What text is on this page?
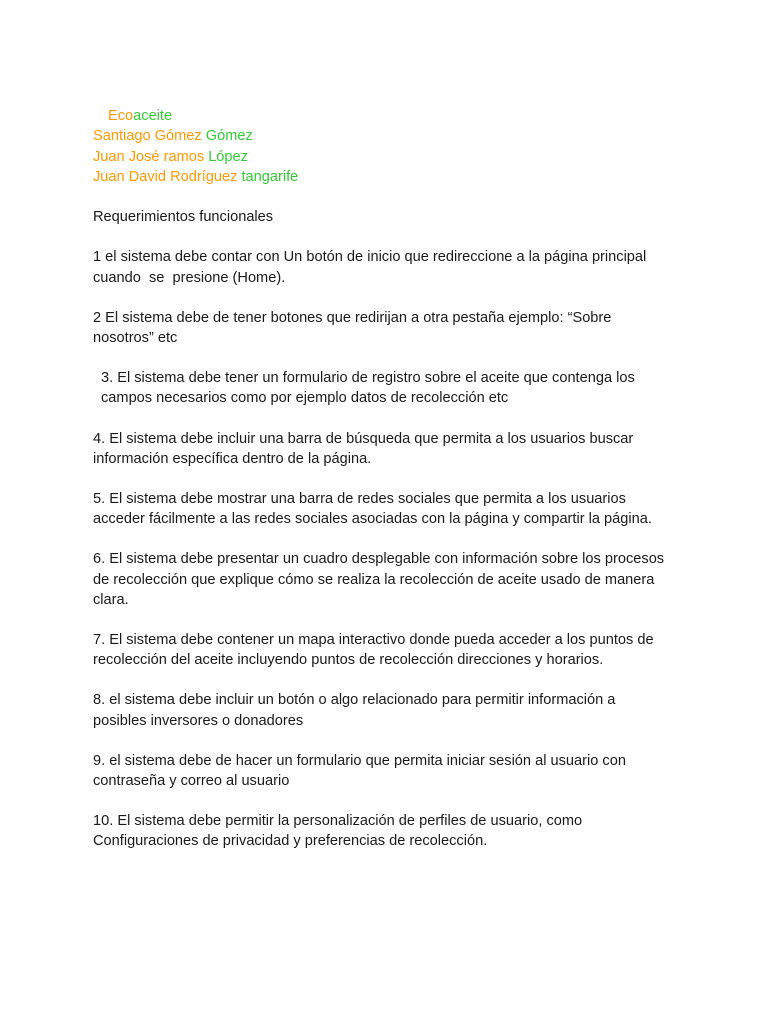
Ecoaceite

Santiago Gómez Gómez

Juan José ramos López

Juan David Rodríguez tangarife

Requerimientos funcionales

1 el sistema debe contar con Un botón de inicio que redireccione a la página principal
cuando  se  presione (Home).
2 El sistema debe de tener botones que redirijan a otra pestaña ejemplo: “Sobre nosotros” etc
3. El sistema debe tener un formulario de registro sobre el aceite que contenga los campos necesarios como por ejemplo datos de recolección etc
4. El sistema debe incluir una barra de búsqueda que permita a los usuarios buscar información específica dentro de la página.
5. El sistema debe mostrar una barra de redes sociales que permita a los usuarios acceder fácilmente a las redes sociales asociadas con la página y compartir la página.
6. El sistema debe presentar un cuadro desplegable con información sobre los procesos de recolección que explique cómo se realiza la recolección de aceite usado de manera clara.
7. El sistema debe contener un mapa interactivo donde pueda acceder a los puntos de recolección del aceite incluyendo puntos de recolección direcciones y horarios.
8. el sistema debe incluir un botón o algo relacionado para permitir información a posibles inversores o donadores
9. el sistema debe de hacer un formulario que permita iniciar sesión al usuario con contraseña y correo al usuario
10. El sistema debe permitir la personalización de perfiles de usuario, como Configuraciones de privacidad y preferencias de recolección.
